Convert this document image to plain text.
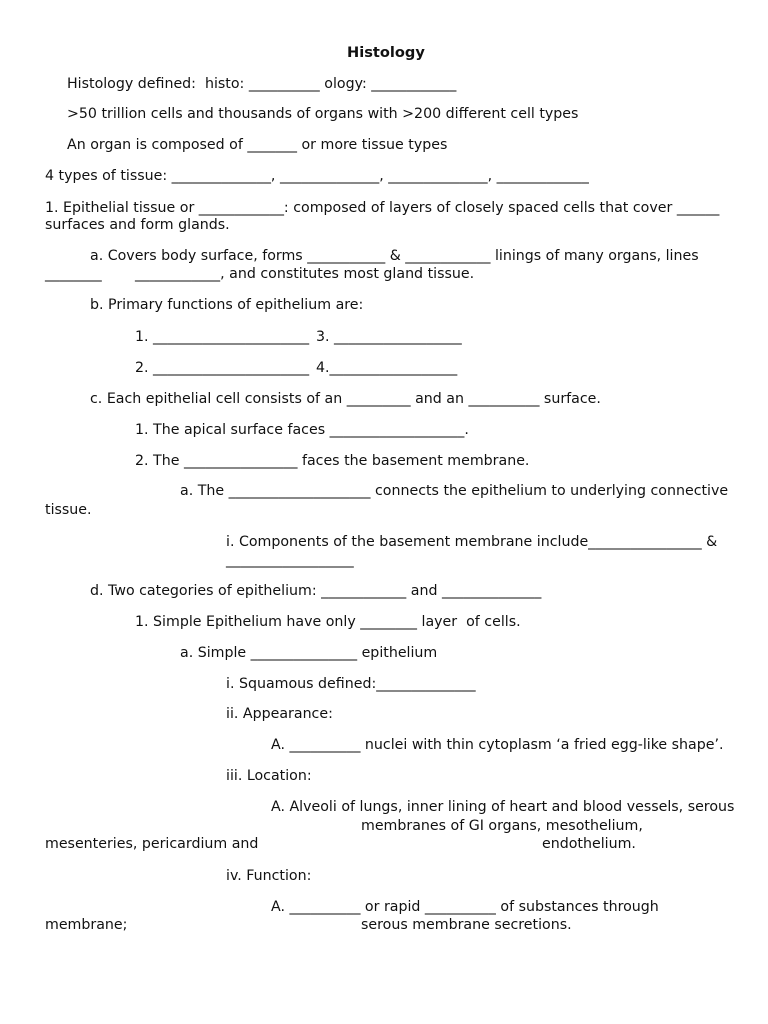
Histology
Histology defined:  histo: __________ ology: ____________
>50 trillion cells and thousands of organs with >200 different cell types
An organ is composed of _______ or more tissue types
4 types of tissue: ______________, ______________, ______________, _____________
1. Epithelial tissue or ____________: composed of layers of closely spaced cells that cover ______
surfaces and form glands.
a. Covers body surface, forms ___________ & ____________ linings of many organs, lines
________ ____________, and constitutes most gland tissue.
b. Primary functions of epithelium are:
1. ______________________ 3. __________________
2. ______________________ 4.__________________
c. Each epithelial cell consists of an _________ and an __________ surface.
1. The apical surface faces ___________________.
2. The ________________ faces the basement membrane.
a. The ____________________ connects the epithelium to underlying connective
tissue.
i. Components of the basement membrane include________________ &
__________________
d. Two categories of epithelium: ____________ and ______________
1. Simple Epithelium have only ________ layer  of cells.
a. Simple _______________ epithelium
i. Squamous defined:______________
ii. Appearance:
A. __________ nuclei with thin cytoplasm ‘a fried egg-like shape’.
iii. Location:
A. Alveoli of lungs, inner lining of heart and blood vessels, serous
membranes of GI organs, mesothelium,
mesenteries, pericardium and	endothelium.
iv. Function:
A. __________ or rapid __________ of substances through
membrane;	serous membrane secretions.
